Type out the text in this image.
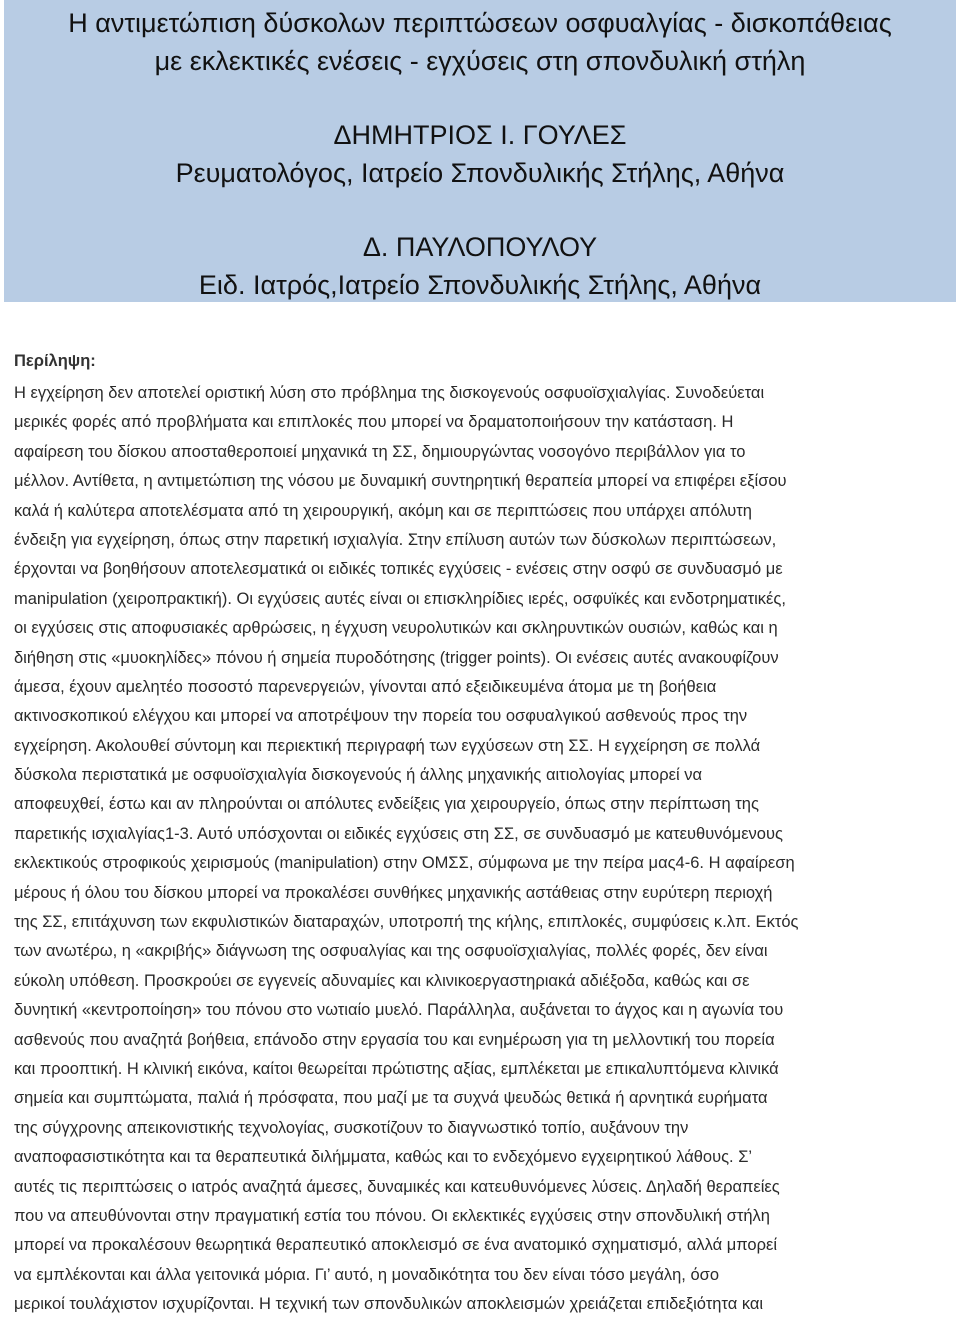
Η αντιμετώπιση δύσκολων περιπτώσεων οσφυαλγίας - δισκοπάθειας
με εκλεκτικές ενέσεις - εγχύσεις στη σπονδυλική στήλη
ΔΗΜΗΤΡΙΟΣ Ι. ΓΟΥΛΕΣ
Ρευματολόγος, Ιατρείο Σπονδυλικής Στήλης, Αθήνα
Δ. ΠΑΥΛΟΠΟΥΛΟΥ
Ειδ. Ιατρός,Ιατρείο Σπονδυλικής Στήλης, Αθήνα
Περίληψη:
Η εγχείρηση δεν αποτελεί οριστική λύση στο πρόβλημα της δισκογενούς οσφυοϊσχιαλγίας. Συνοδεύεται
μερικές φορές από προβλήματα και επιπλοκές που μπορεί να δραματοποιήσουν την κατάσταση. Η
αφαίρεση του δίσκου αποσταθεροποιεί μηχανικά τη ΣΣ, δημιουργώντας νοσογόνο περιβάλλον για το
μέλλον. Αντίθετα, η αντιμετώπιση της νόσου με δυναμική συντηρητική θεραπεία μπορεί να επιφέρει εξίσου
καλά ή καλύτερα αποτελέσματα από τη χειρουργική, ακόμη και σε περιπτώσεις που υπάρχει απόλυτη
ένδειξη για εγχείρηση, όπως στην παρετική ισχιαλγία. Στην επίλυση αυτών των δύσκολων περιπτώσεων,
έρχονται να βοηθήσουν αποτελεσματικά οι ειδικές τοπικές εγχύσεις - ενέσεις στην οσφύ σε συνδυασμό με
manipulation (χειροπρακτική). Οι εγχύσεις αυτές είναι οι επισκληρίδιες ιερές, οσφυϊκές και ενδοτρηματικές,
οι εγχύσεις στις αποφυσιακές αρθρώσεις, η έγχυση νευρολυτικών και σκληρυντικών ουσιών, καθώς και η
διήθηση στις «μυοκηλίδες» πόνου ή σημεία πυροδότησης (trigger points). Οι ενέσεις αυτές ανακουφίζουν
άμεσα, έχουν αμελητέο ποσοστό παρενεργειών, γίνονται από εξειδικευμένα άτομα με τη βοήθεια
ακτινοσκοπικού ελέγχου και μπορεί να αποτρέψουν την πορεία του οσφυαλγικού ασθενούς προς την
εγχείρηση. Ακολουθεί σύντομη και περιεκτική περιγραφή των εγχύσεων στη ΣΣ. Η εγχείρηση σε πολλά
δύσκολα περιστατικά με οσφυοϊσχιαλγία δισκογενούς ή άλλης μηχανικής αιτιολογίας μπορεί να
αποφευχθεί, έστω και αν πληρούνται οι απόλυτες ενδείξεις για χειρουργείο, όπως στην περίπτωση της
παρετικής ισχιαλγίας1-3. Αυτό υπόσχονται οι ειδικές εγχύσεις στη ΣΣ, σε συνδυασμό με κατευθυνόμενους
εκλεκτικούς στροφικούς χειρισμούς (manipulation) στην ΟΜΣΣ, σύμφωνα με την πείρα μας4-6. Η αφαίρεση
μέρους ή όλου του δίσκου μπορεί να προκαλέσει συνθήκες μηχανικής αστάθειας στην ευρύτερη περιοχή
της ΣΣ, επιτάχυνση των εκφυλιστικών διαταραχών, υποτροπή της κήλης, επιπλοκές, συμφύσεις κ.λπ. Εκτός
των ανωτέρω, η «ακριβής» διάγνωση της οσφυαλγίας και της οσφυοϊσχιαλγίας, πολλές φορές, δεν είναι
εύκολη υπόθεση. Προσκρούει σε εγγενείς αδυναμίες και κλινικοεργαστηριακά αδιέξοδα, καθώς και σε
δυνητική «κεντροποίηση» του πόνου στο νωτιαίο μυελό. Παράλληλα, αυξάνεται το άγχος και η αγωνία του
ασθενούς που αναζητά βοήθεια, επάνοδο στην εργασία του και ενημέρωση για τη μελλοντική του πορεία
και προοπτική. Η κλινική εικόνα, καίτοι θεωρείται πρώτιστης αξίας, εμπλέκεται με επικαλυπτόμενα κλινικά
σημεία και συμπτώματα, παλιά ή πρόσφατα, που μαζί με τα συχνά ψευδώς θετικά ή αρνητικά ευρήματα
της σύγχρονης απεικονιστικής τεχνολογίας, συσκοτίζουν το διαγνωστικό τοπίο, αυξάνουν την
αναποφασιστικότητα και τα θεραπευτικά διλήμματα, καθώς και το ενδεχόμενο εγχειρητικού λάθους. Σ’
αυτές τις περιπτώσεις ο ιατρός αναζητά άμεσες, δυναμικές και κατευθυνόμενες λύσεις. Δηλαδή θεραπείες
που να απευθύνονται στην πραγματική εστία του πόνου. Οι εκλεκτικές εγχύσεις στην σπονδυλική στήλη
μπορεί να προκαλέσουν θεωρητικά θεραπευτικό αποκλεισμό σε ένα ανατομικό σχηματισμό, αλλά μπορεί
να εμπλέκονται και άλλα γειτονικά μόρια. Γι’ αυτό, η μοναδικότητα του δεν είναι τόσο μεγάλη, όσο
μερικοί τουλάχιστον ισχυρίζονται. Η τεχνική των σπονδυλικών αποκλεισμών χρειάζεται επιδεξιότητα και
